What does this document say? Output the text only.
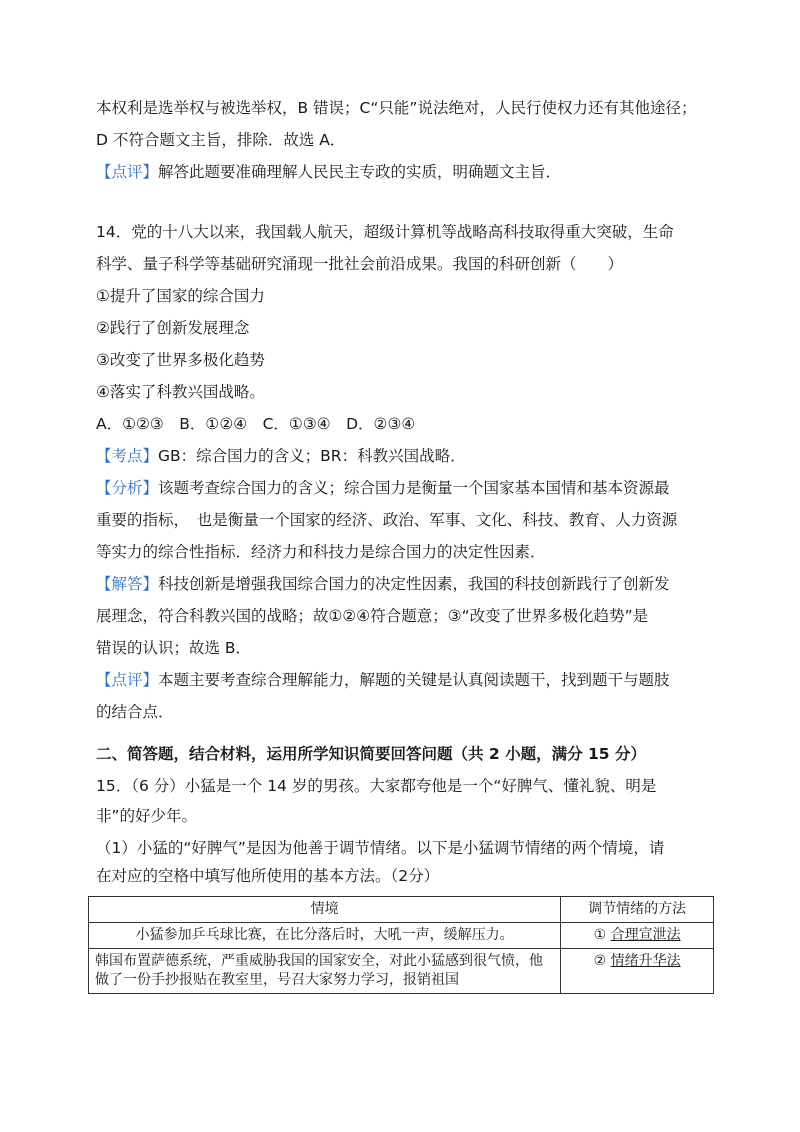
本权利是选举权与被选举权，B 错误；C“只能”说法绝对，人民行使权力还有其他途径；
D 不符合题文主旨，排除．故选 A．
【点评】解答此题要准确理解人民民主专政的实质，明确题文主旨．
14．党的十八大以来，我国载人航天，超级计算机等战略高科技取得重大突破，生命
科学、量子科学等基础研究涌现一批社会前沿成果。我国的科研创新（　　）
①提升了国家的综合国力
②践行了创新发展理念
③改变了世界多极化趋势
④落实了科教兴国战略。
A．①②③　B．①②④　C．①③④　D．②③④
【考点】GB：综合国力的含义；BR：科教兴国战略．
【分析】该题考查综合国力的含义；综合国力是衡量一个国家基本国情和基本资源最
重要的指标，　也是衡量一个国家的经济、政治、军事、文化、科技、教育、人力资源
等实力的综合性指标．经济力和科技力是综合国力的决定性因素．
【解答】科技创新是增强我国综合国力的决定性因素，我国的科技创新践行了创新发
展理念，符合科教兴国的战略；故①②④符合题意；③“改变了世界多极化趋势”是
错误的认识；故选 B．
【点评】本题主要考查综合理解能力，解题的关键是认真阅读题干，找到题干与题肢
的结合点．
二、简答题，结合材料，运用所学知识简要回答问题（共 2 小题，满分 15 分）
15．（6 分）小猛是一个 14 岁的男孩。大家都夸他是一个“好脾气、懂礼貌、明是
非”的好少年。
（1）小猛的“好脾气”是因为他善于调节情绪。以下是小猛调节情绪的两个情境，请
情境	调节情绪的方法
小猛参加乒乓球比赛，在比分落后时，大吼一声，缓解压力。	① 合理宣泄法
韩国布置萨德系统，严重威胁我国的国家安全，对此小猛感到很气愤，他做了一份手抄报贴在教室里，号召大家努力学习，报销祖国	② 情绪升华法
在对应的空格中填写他所使用的基本方法。（2分）
